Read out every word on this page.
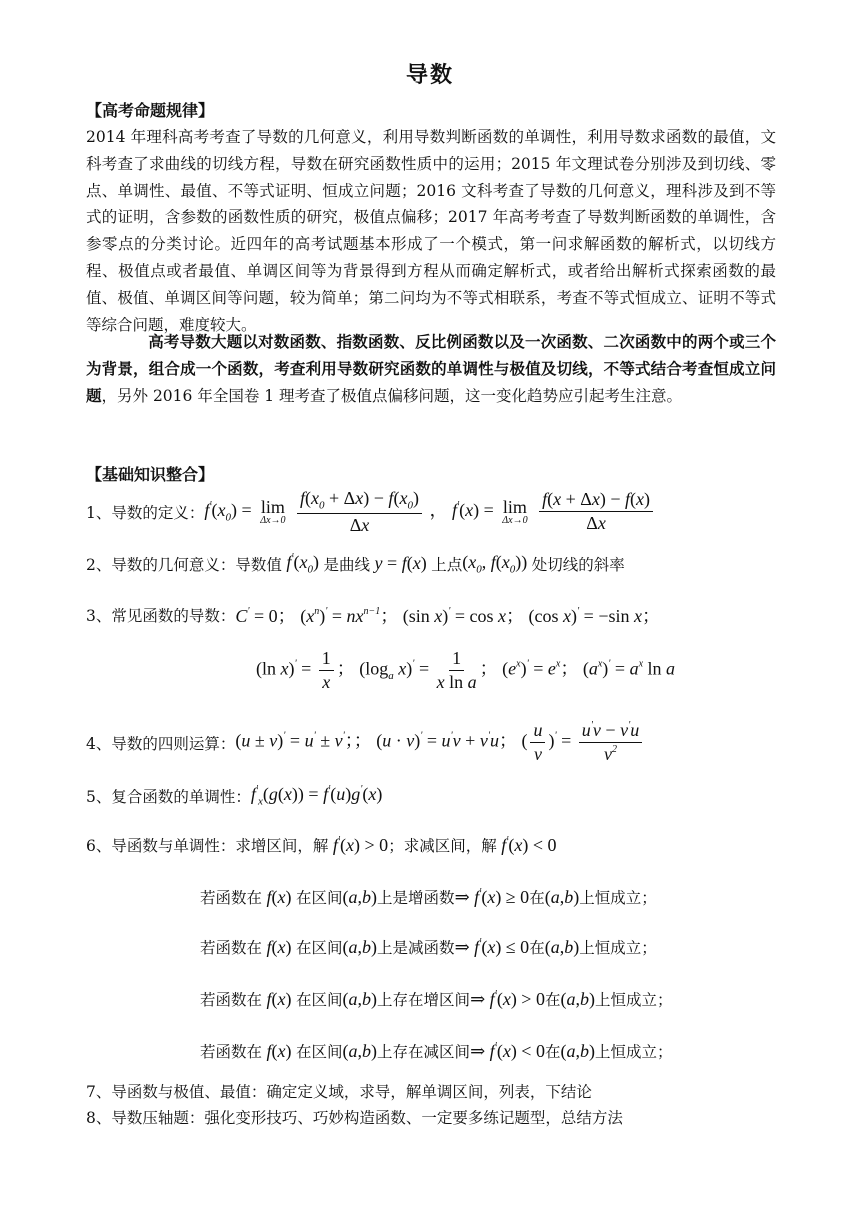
导数
【高考命题规律】
2014 年理科高考考查了导数的几何意义，利用导数判断函数的单调性，利用导数求函数的最值，文科考查了求曲线的切线方程，导数在研究函数性质中的运用；2015 年文理试卷分别涉及到切线、零点、单调性、最值、不等式证明、恒成立问题；2016 文科考查了导数的几何意义，理科涉及到不等式的证明，含参数的函数性质的研究，极值点偏移；2017 年高考考查了导数判断函数的单调性，含参零点的分类讨论。近四年的高考试题基本形成了一个模式，第一问求解函数的解析式，以切线方程、极值点或者最值、单调区间等为背景得到方程从而确定解析式，或者给出解析式探索函数的最值、极值、单调区间等问题，较为简单；第二问均为不等式相联系，考查不等式恒成立、证明不等式等综合问题，难度较大。
高考导数大题以对数函数、指数函数、反比例函数以及一次函数、二次函数中的两个或三个为背景，组合成一个函数，考查利用导数研究函数的单调性与极值及切线，不等式结合考查恒成立问题，另外 2016 年全国卷 1 理考查了极值点偏移问题，这一变化趋势应引起考生注意。
【基础知识整合】
1、导数的定义： $f'(x_0) = \lim$
Δx→0
$\frac{f(x_0 + \Delta x) - f(x_0)}{\Delta x}$ ， f'(x) = lim
Δx→0
$\frac{f(x + \Delta x) - f(x)}{\Delta x}$
2、导数的几何意义：导数值 $f'(x_0)$ 是曲线 y = f(x) 上点 ($x_0$, $f(x_0)$) 处切线的斜率
3、常见函数的导数： C' = 0； $(x^n)' = nx^{n-1}$； (sin x)' = cos x； (cos x)' = −sin x；
(ln $x)' = \frac{1}{x}$ ； ($\log_a$ $x)' = \frac{1}{\text{x ln a}}$ ； $(e^x)' = e^x$； $(a^x)' = a^x$ ln a
4、导数的四则运算： (u ± v)' = u' ± v'；； (u · v)' = u'v + v'u； ( $\frac{u}{v} )' = \frac{u'v - v'u}{v^2}$
5、复合函数的单调性： $f'_x(g(x)) = f'(u)g'(x)$
6、导函数与单调性：求增区间，解 f'(x) > 0 ；求减区间，解 f'(x) < 0
若函数在 f(x) 在区间(a,b)上是增函数⇒ f'(x) ≥ 0在(a,b)上恒成立；
若函数在 f(x) 在区间(a,b)上是减函数⇒ f'(x) ≤ 0在(a,b)上恒成立；
若函数在 f(x) 在区间(a,b)上存在增区间⇒ f'(x) > 0在(a,b)上恒成立；
若函数在 f(x) 在区间(a,b)上存在减区间⇒ f'(x) < 0在(a,b)上恒成立；
7、导函数与极值、最值：确定定义域，求导，解单调区间，列表，下结论
8、导数压轴题：强化变形技巧、巧妙构造函数、一定要多练记题型，总结方法
